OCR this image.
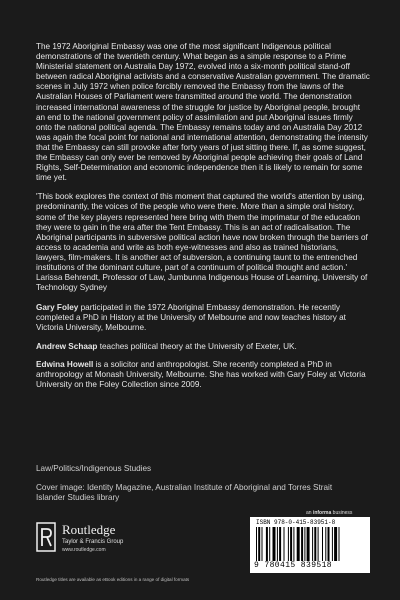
The 1972 Aboriginal Embassy was one of the most significant Indigenous political demonstrations of the twentieth century. What began as a simple response to a Prime Ministerial statement on Australia Day 1972, evolved into a six-month political stand-off between radical Aboriginal activists and a conservative Australian government. The dramatic scenes in July 1972 when police forcibly removed the Embassy from the lawns of the Australian Houses of Parliament were transmitted around the world. The demonstration increased international awareness of the struggle for justice by Aboriginal people, brought an end to the national government policy of assimilation and put Aboriginal issues firmly onto the national political agenda. The Embassy remains today and on Australia Day 2012 was again the focal point for national and international attention, demonstrating the intensity that the Embassy can still provoke after forty years of just sitting there. If, as some suggest, the Embassy can only ever be removed by Aboriginal people achieving their goals of Land Rights, Self-Determination and economic independence then it is likely to remain for some time yet.

'This book explores the context of this moment that captured the world's attention by using, predominantly, the voices of the people who were there. More than a simple oral history, some of the key players represented here bring with them the imprimatur of the education they were to gain in the era after the Tent Embassy. This is an act of radicalisation. The Aboriginal participants in subversive political action have now broken through the barriers of access to academia and write as both eye-witnesses and also as trained historians, lawyers, film-makers. It is another act of subversion, a continuing taunt to the entrenched institutions of the dominant culture, part of a continuum of political thought and action.' Larissa Behrendt, Professor of Law, Jumbunna Indigenous House of Learning, University of Technology Sydney

Gary Foley participated in the 1972 Aboriginal Embassy demonstration. He recently completed a PhD in History at the University of Melbourne and now teaches history at Victoria University, Melbourne.

Andrew Schaap teaches political theory at the University of Exeter, UK.

Edwina Howell is a solicitor and anthropologist. She recently completed a PhD in anthropology at Monash University, Melbourne. She has worked with Gary Foley at Victoria University on the Foley Collection since 2009.

Law/Politics/Indigenous Studies
Cover image: Identity Magazine, Australian Institute of Aboriginal and Torres Strait Islander Studies library
an informa business
Routledge
Taylor & Francis Group
www.routledge.com
ISBN 978-0-415-83951-8
9 780415 839518
Routledge titles are available as eBook editions in a range of digital formats
